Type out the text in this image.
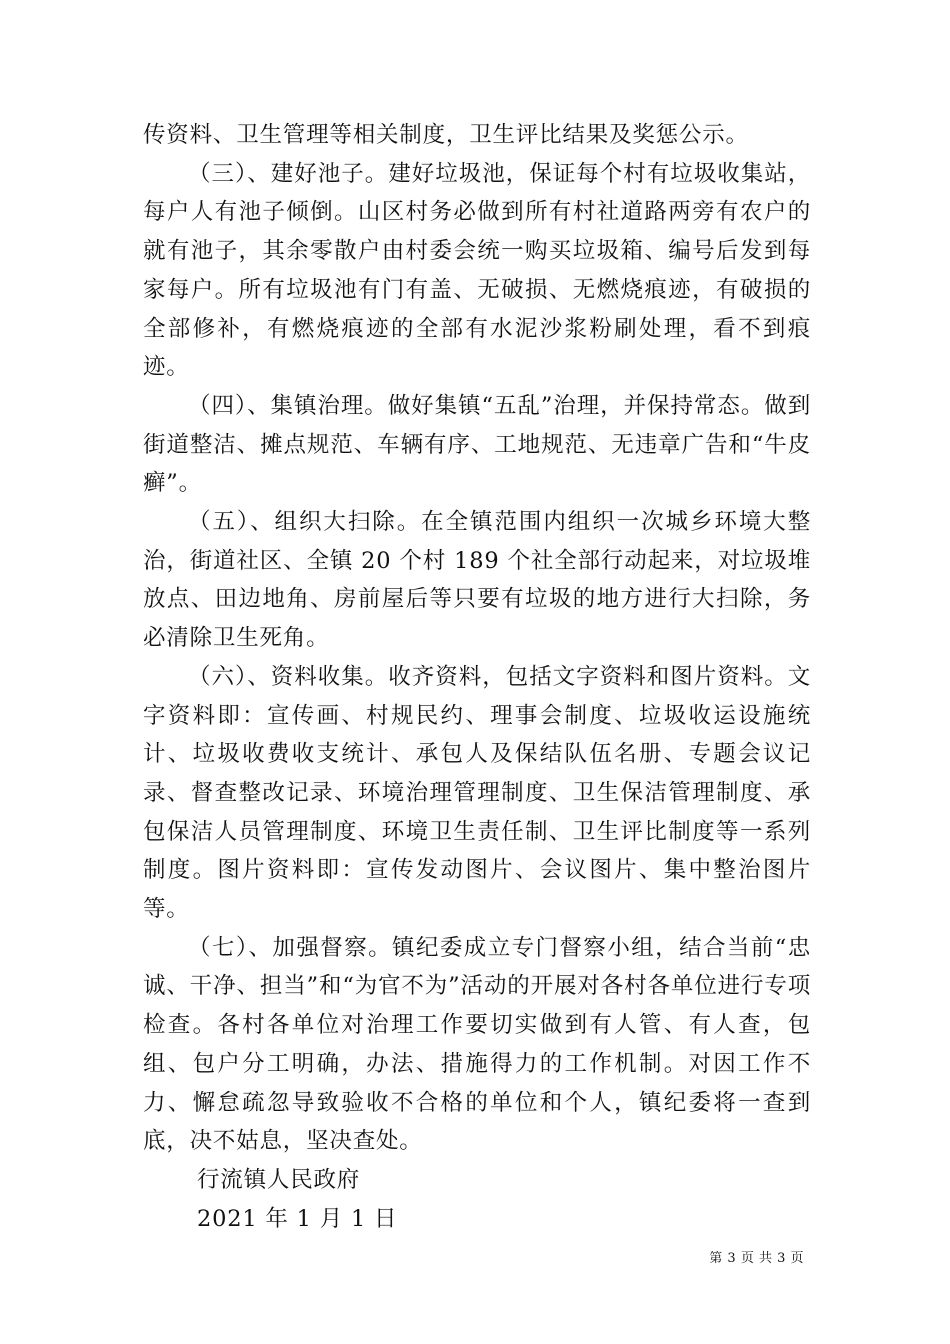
传资料、卫生管理等相关制度，卫生评比结果及奖惩公示。

（三）、建好池子。建好垃圾池，保证每个村有垃圾收集站，每户人有池子倾倒。山区村务必做到所有村社道路两旁有农户的就有池子，其余零散户由村委会统一购买垃圾箱、编号后发到每家每户。所有垃圾池有门有盖、无破损、无燃烧痕迹，有破损的全部修补，有燃烧痕迹的全部有水泥沙浆粉刷处理，看不到痕迹。

（四）、集镇治理。做好集镇“五乱”治理，并保持常态。做到街道整洁、摊点规范、车辆有序、工地规范、无违章广告和“牛皮癣”。

（五）、组织大扫除。在全镇范围内组织一次城乡环境大整治，街道社区、全镇 20 个村 189 个社全部行动起来，对垃圾堆放点、田边地角、房前屋后等只要有垃圾的地方进行大扫除，务必清除卫生死角。

（六）、资料收集。收齐资料，包括文字资料和图片资料。文字资料即：宣传画、村规民约、理事会制度、垃圾收运设施统计、垃圾收费收支统计、承包人及保结队伍名册、专题会议记录、督查整改记录、环境治理管理制度、卫生保洁管理制度、承包保洁人员管理制度、环境卫生责任制、卫生评比制度等一系列制度。图片资料即：宣传发动图片、会议图片、集中整治图片等。

（七）、加强督察。镇纪委成立专门督察小组，结合当前“忠诚、干净、担当”和“为官不为”活动的开展对各村各单位进行专项检查。各村各单位对治理工作要切实做到有人管、有人查，包组、包户分工明确，办法、措施得力的工作机制。对因工作不力、懈怠疏忽导致验收不合格的单位和个人，镇纪委将一查到底，决不姑息，坚决查处。

行流镇人民政府

2021 年 1 月 1 日

第 3 页 共 3 页
